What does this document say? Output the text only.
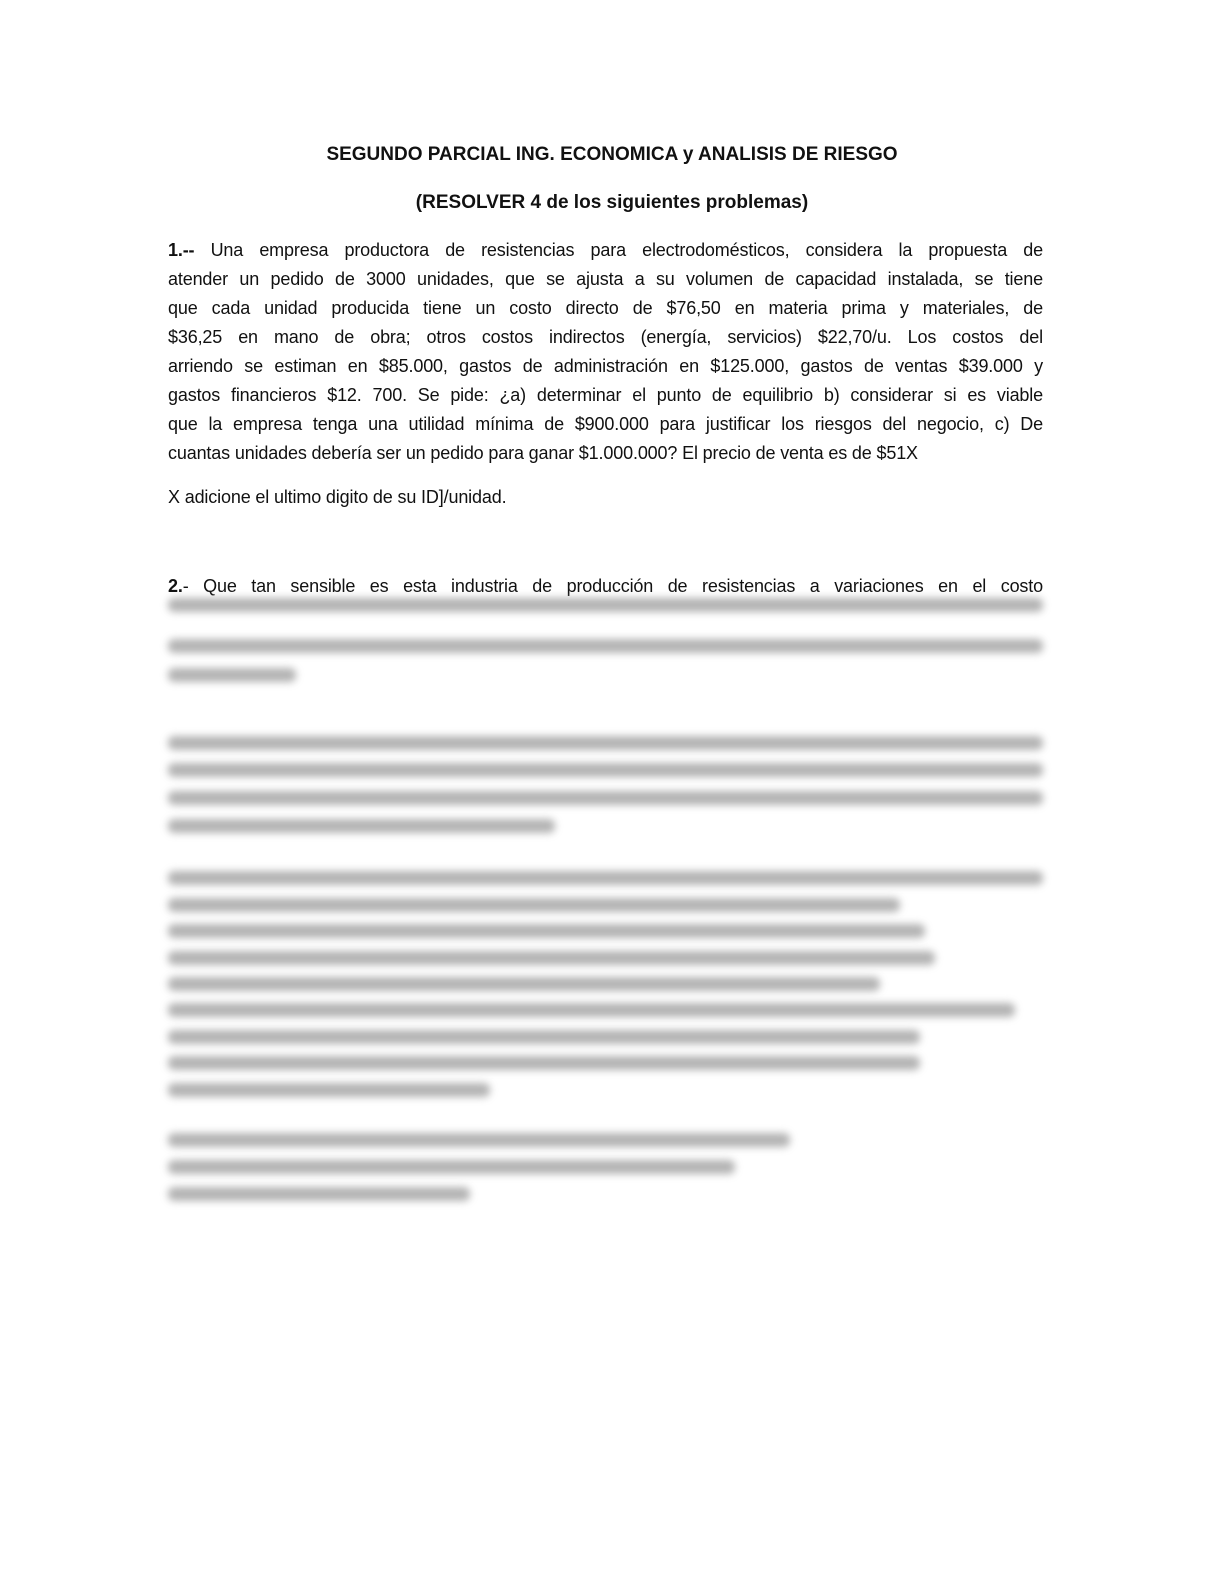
SEGUNDO PARCIAL ING. ECONOMICA y ANALISIS DE RIESGO
(RESOLVER 4 de los siguientes problemas)
1.-- Una empresa productora de resistencias para electrodomésticos, considera la propuesta de
atender un pedido de 3000 unidades, que se ajusta a su volumen de capacidad instalada, se tiene
que cada unidad producida tiene un costo directo de $76,50 en materia prima y materiales, de
$36,25 en mano de obra; otros costos indirectos (energía, servicios) $22,70/u. Los costos del
arriendo se estiman en $85.000, gastos de administración en $125.000, gastos de ventas $39.000 y
gastos financieros $12. 700. Se pide: ¿a) determinar el punto de equilibrio b) considerar si es viable
que la empresa tenga una utilidad mínima de $900.000 para justificar los riesgos del negocio, c) De
cuantas unidades debería ser un pedido para ganar $1.000.000? El precio de venta es de $51X
X adicione el ultimo digito de su ID]/unidad.
2.- Que tan sensible es esta industria de producción de resistencias a variaciones en el costo
